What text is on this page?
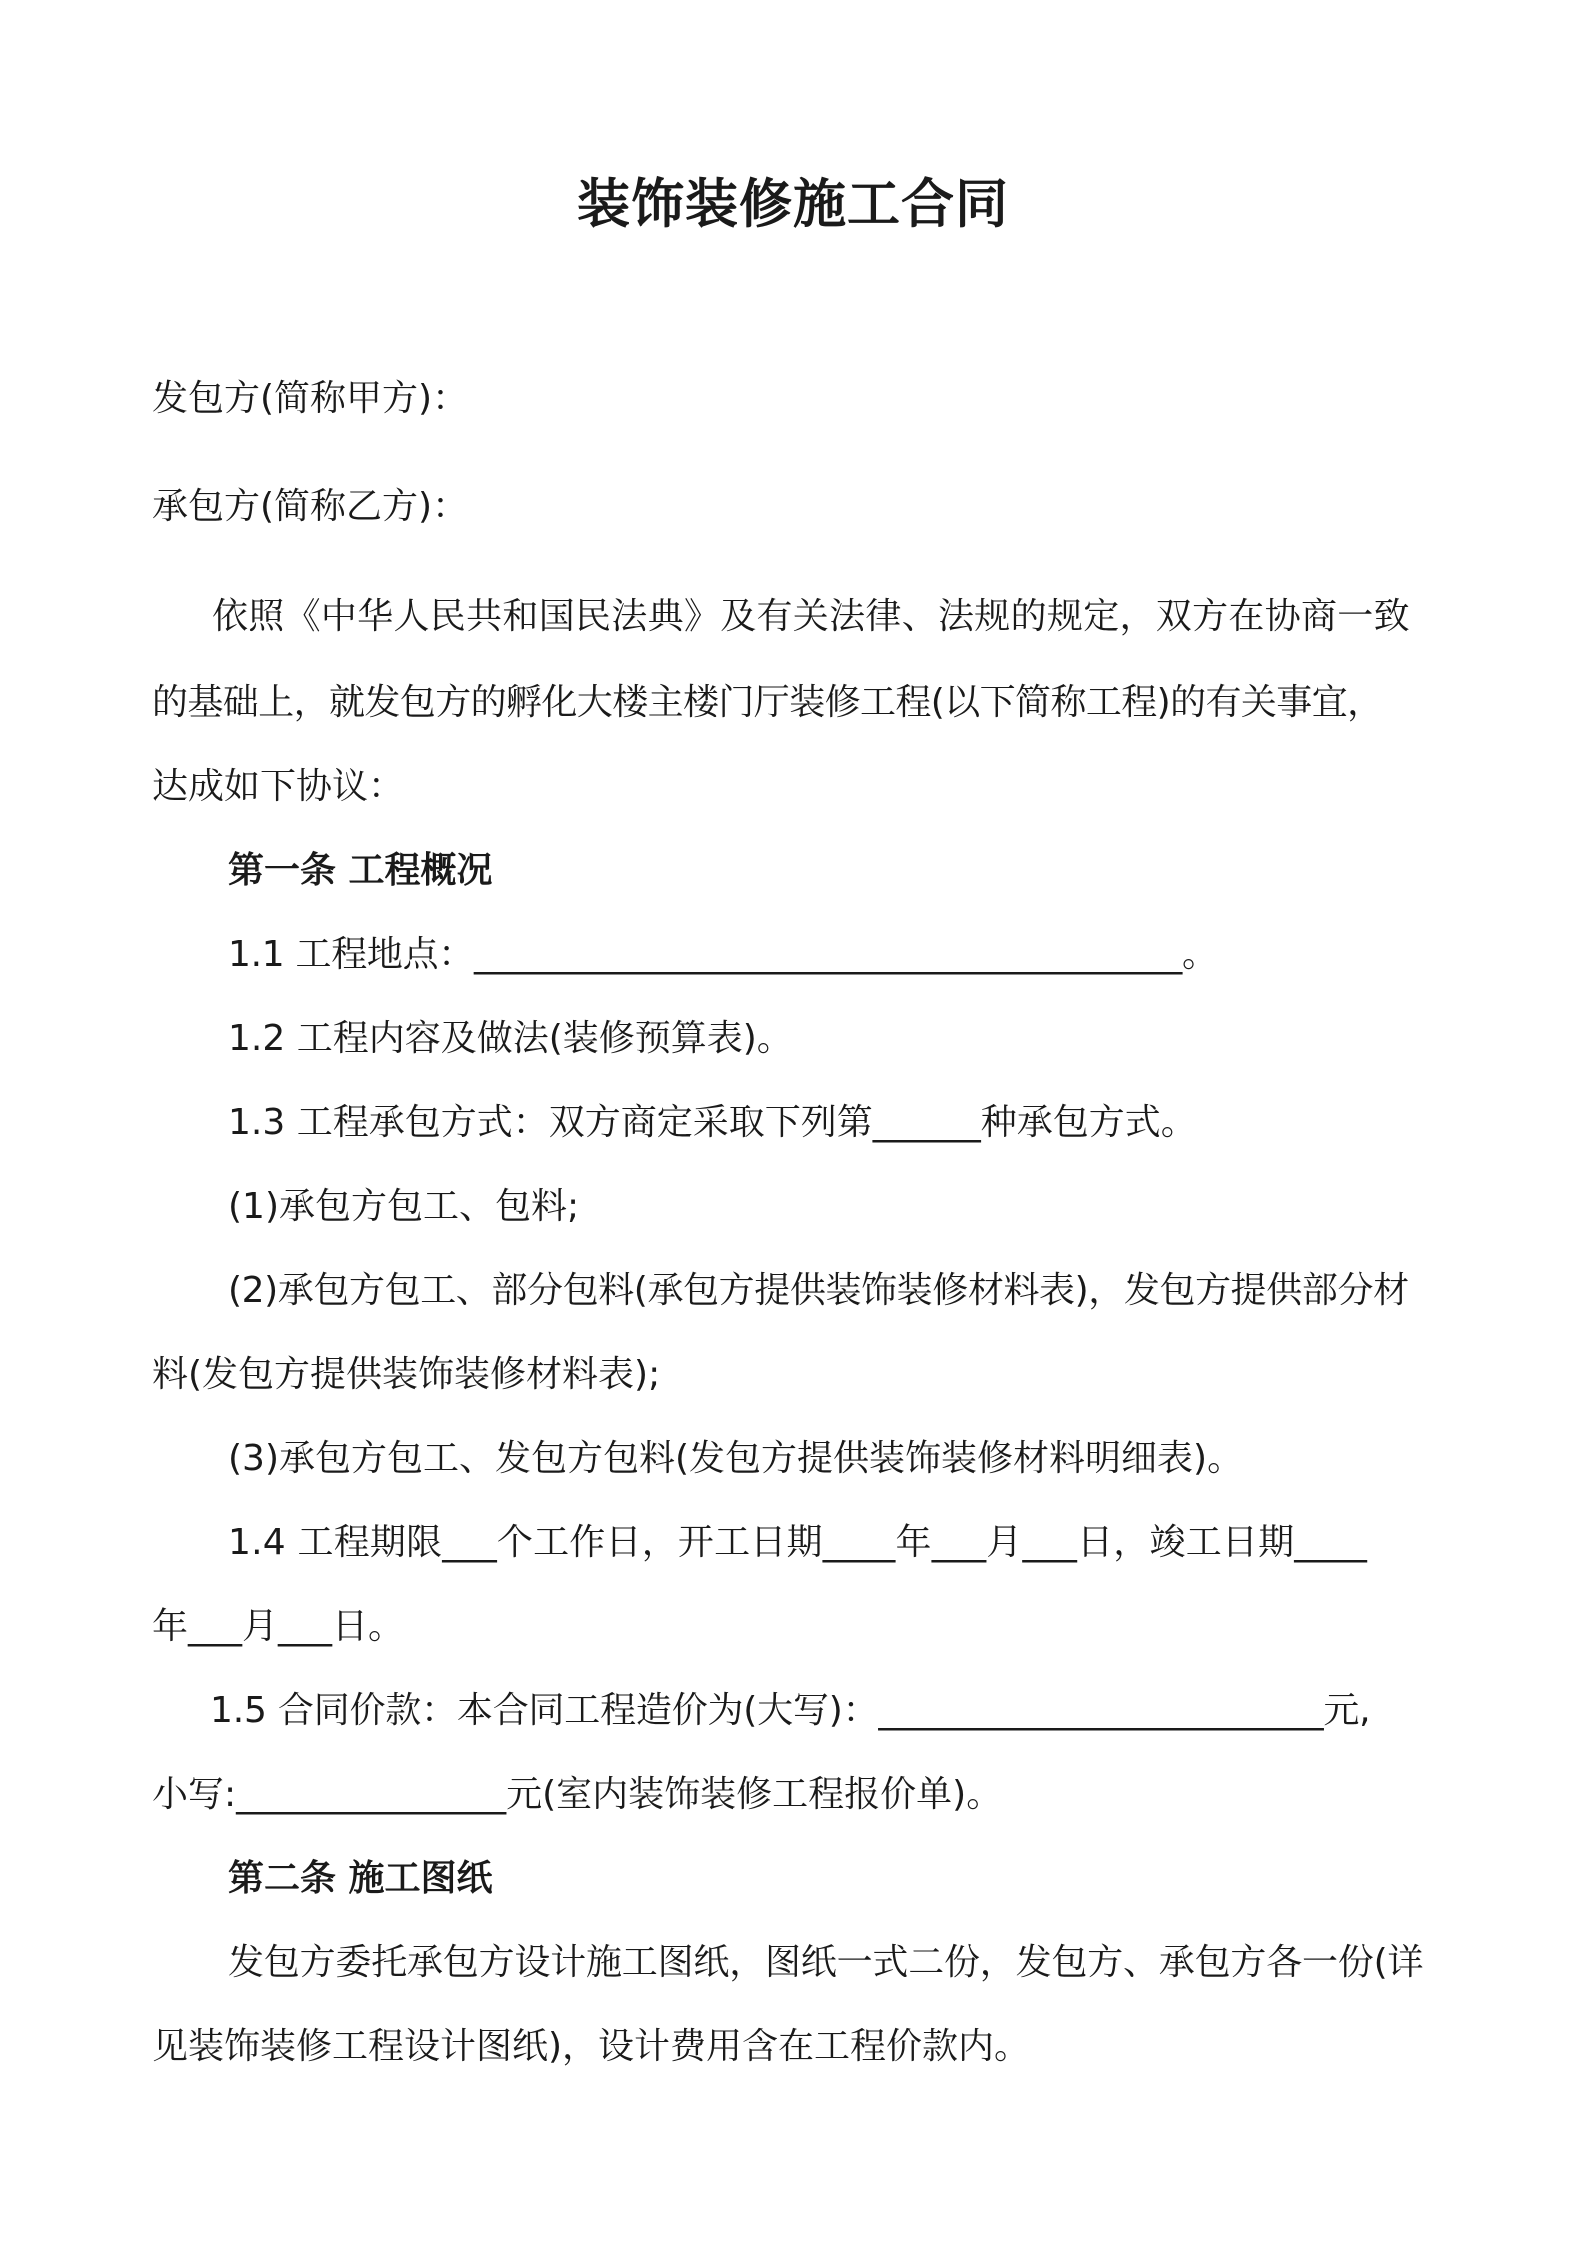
装饰装修施工合同
发包方(简称甲方)：
承包方(简称乙方)：
依照《中华人民共和国民法典》及有关法律、法规的规定，双方在协商一致
的基础上，就发包方的孵化大楼主楼门厅装修工程(以下简称工程)的有关事宜，
达成如下协议：
第一条 工程概况
1.1 工程地点：________________________________________。
1.2 工程内容及做法(装修预算表)。
1.3 工程承包方式：双方商定采取下列第______种承包方式。
(1)承包方包工、包料;
(2)承包方包工、部分包料(承包方提供装饰装修材料表)，发包方提供部分材
料(发包方提供装饰装修材料表);
(3)承包方包工、发包方包料(发包方提供装饰装修材料明细表)。
1.4 工程期限___个工作日，开工日期____年___月___日，竣工日期____
年___月___日。
1.5 合同价款：本合同工程造价为(大写)：_________________________元,
小写:_______________元(室内装饰装修工程报价单)。
第二条 施工图纸
发包方委托承包方设计施工图纸，图纸一式二份，发包方、承包方各一份(详
见装饰装修工程设计图纸)，设计费用含在工程价款内。
